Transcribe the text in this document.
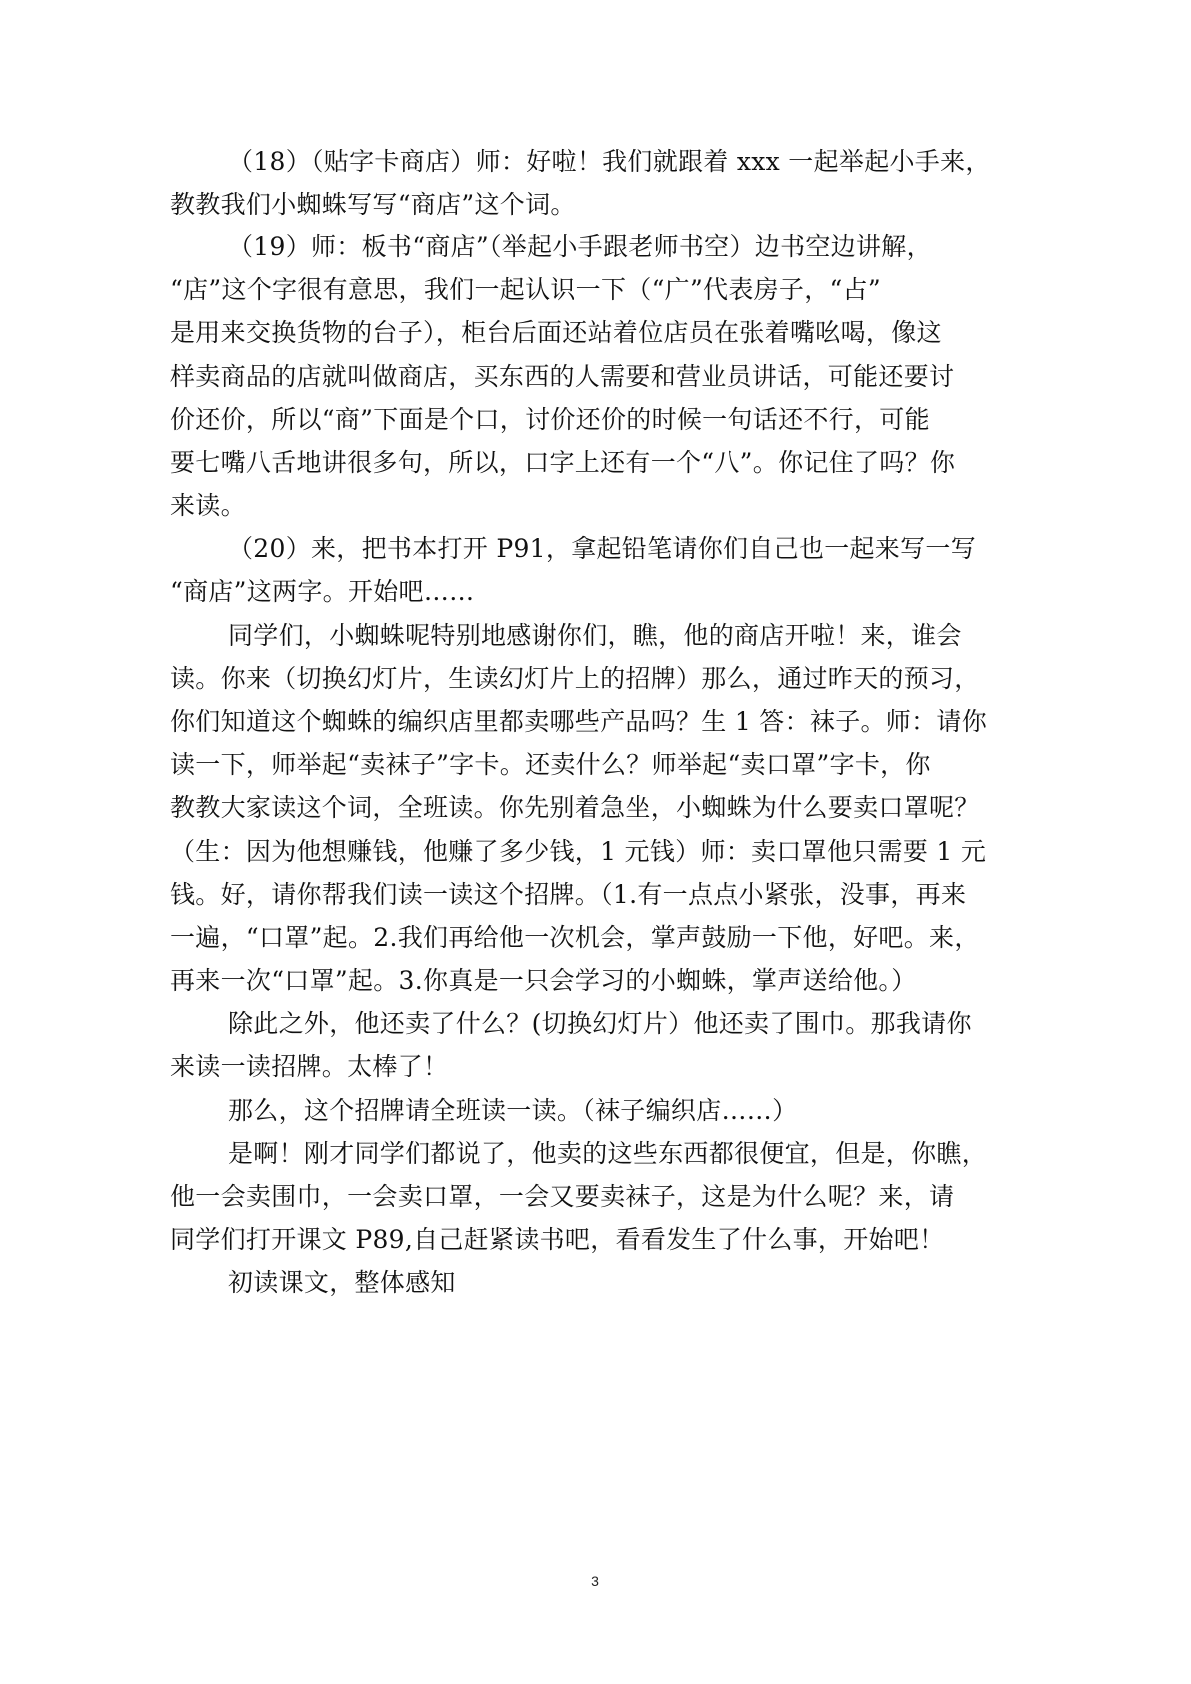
（18）（贴字卡商店）师：好啦！我们就跟着 xxx 一起举起小手来，
教教我们小蜘蛛写写“商店”这个词。
（19）师：板书“商店”（举起小手跟老师书空）边书空边讲解，
“店”这个字很有意思，我们一起认识一下（“广”代表房子，“占”
是用来交换货物的台子），柜台后面还站着位店员在张着嘴吆喝，像这
样卖商品的店就叫做商店，买东西的人需要和营业员讲话，可能还要讨
价还价，所以“商”下面是个口，讨价还价的时候一句话还不行，可能
要七嘴八舌地讲很多句，所以，口字上还有一个“八”。你记住了吗？你
来读。
（20）来，把书本打开 P91，拿起铅笔请你们自己也一起来写一写
“商店”这两字。开始吧……
同学们，小蜘蛛呢特别地感谢你们，瞧，他的商店开啦！来，谁会
读。你来（切换幻灯片，生读幻灯片上的招牌）那么，通过昨天的预习，
你们知道这个蜘蛛的编织店里都卖哪些产品吗？生 1 答：袜子。师：请你
读一下，师举起“卖袜子”字卡。还卖什么？师举起“卖口罩”字卡，你
教教大家读这个词，全班读。你先别着急坐，小蜘蛛为什么要卖口罩呢？
（生：因为他想赚钱，他赚了多少钱，1 元钱）师：卖口罩他只需要 1 元
钱。好，请你帮我们读一读这个招牌。（1.有一点点小紧张，没事，再来
一遍，“口罩”起。2.我们再给他一次机会，掌声鼓励一下他，好吧。来，
再来一次“口罩”起。3.你真是一只会学习的小蜘蛛，掌声送给他。）
除此之外，他还卖了什么？(切换幻灯片）他还卖了围巾。那我请你
来读一读招牌。太棒了！
那么，这个招牌请全班读一读。（袜子编织店……）
是啊！刚才同学们都说了，他卖的这些东西都很便宜，但是，你瞧，
他一会卖围巾，一会卖口罩，一会又要卖袜子，这是为什么呢？来，请
同学们打开课文 P89,自己赶紧读书吧，看看发生了什么事，开始吧！
初读课文，整体感知
3
